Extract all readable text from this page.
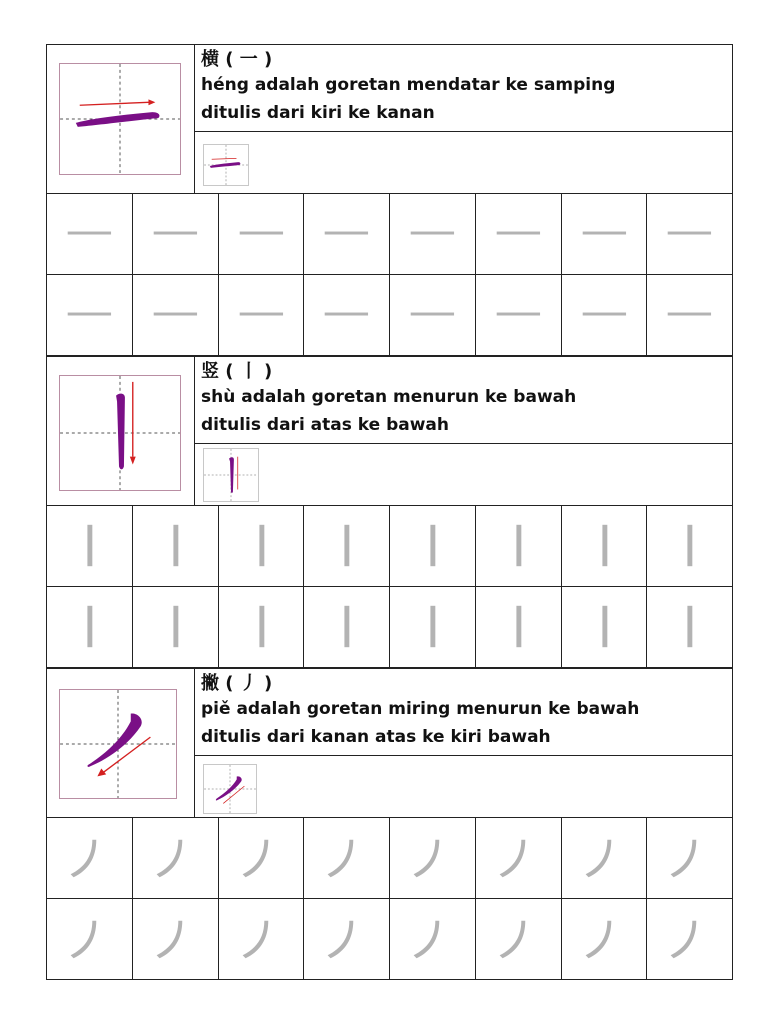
横 ( 一 )
héng adalah goretan mendatar ke samping
ditulis dari kiri ke kanan
竖 ( 丨 )
shù adalah goretan menurun ke bawah
ditulis dari atas ke bawah
撇 ( 丿 )
piě adalah goretan miring menurun ke bawah
ditulis dari kanan atas ke kiri bawah
